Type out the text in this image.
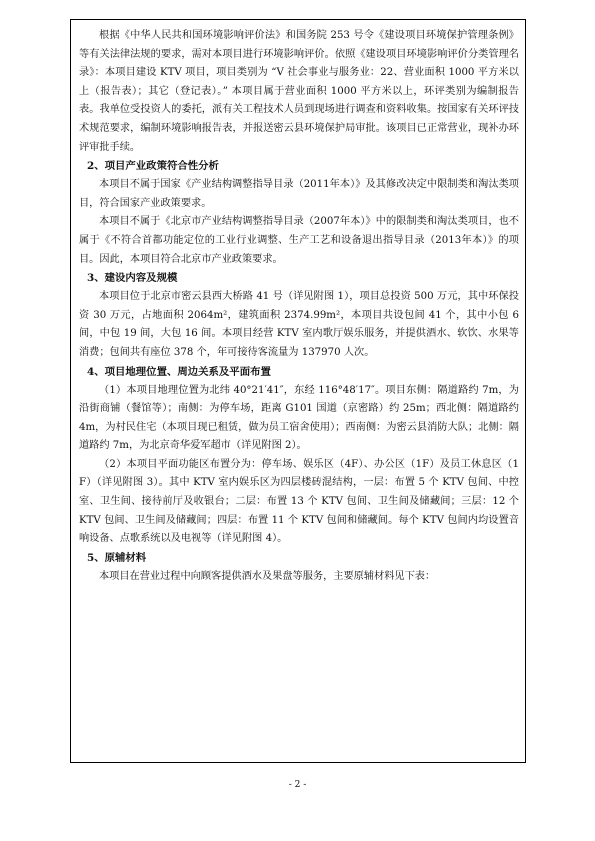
根据《中华人民共和国环境影响评价法》和国务院 253 号令《建设项目环境保护管理条例》等有关法律法规的要求，需对本项目进行环境影响评价。依照《建设项目环境影响评价分类管理名录》：本项目建设 KTV 项目，项目类别为 “V 社会事业与服务业：22、营业面积 1000 平方米以上（报告表）；其它（登记表）。” 本项目属于营业面积 1000 平方米以上，环评类别为编制报告表。我单位受投资人的委托，派有关工程技术人员到现场进行调查和资料收集。按国家有关环评技术规范要求，编制环境影响报告表，并报送密云县环境保护局审批。该项目已正常营业，现补办环评审批手续。

2、项目产业政策符合性分析

本项目不属于国家《产业结构调整指导目录（2011年本）》及其修改决定中限制类和淘汰类项目，符合国家产业政策要求。

本项目不属于《北京市产业结构调整指导目录（2007年本）》中的限制类和淘汰类项目，也不属于《不符合首都功能定位的工业行业调整、生产工艺和设备退出指导目录（2013年本）》的项目。因此，本项目符合北京市产业政策要求。

3、建设内容及规模

本项目位于北京市密云县西大桥路 41 号（详见附图 1），项目总投资 500 万元，其中环保投资 30 万元，占地面积 2064m²，建筑面积 2374.99m²，本项目共设包间 41 个，其中小包 6 间，中包 19 间，大包 16 间。本项目经营 KTV 室内歌厅娱乐服务，并提供酒水、软饮、水果等消费；包间共有座位 378 个，年可接待客流量为 137970 人次。

4、项目地理位置、周边关系及平面布置

（1）本项目地理位置为北纬 40°21′41″，东经 116°48′17″。项目东侧：隔道路约 7m，为沿街商铺（餐馆等）；南侧：为停车场，距离 G101 国道（京密路）约 25m；西北侧：隔道路约 4m，为村民住宅（本项目现已租赁，做为员工宿舍使用）；西南侧：为密云县消防大队；北侧：隔道路约 7m，为北京奇华爱军超市（详见附图 2）。

（2）本项目平面功能区布置分为：停车场、娱乐区（4F）、办公区（1F）及员工休息区（1F）（详见附图 3）。其中 KTV 室内娱乐区为四层楼砖混结构，一层：布置 5 个 KTV 包间、中控室、卫生间、接待前厅及收银台；二层：布置 13 个 KTV 包间、卫生间及储藏间；三层：12 个 KTV 包间、卫生间及储藏间；四层：布置 11 个 KTV 包间和储藏间。每个 KTV 包间内均设置音响设备、点歌系统以及电视等（详见附图 4）。

5、原辅材料

本项目在营业过程中向顾客提供酒水及果盘等服务，主要原辅材料见下表：

- 2 -
